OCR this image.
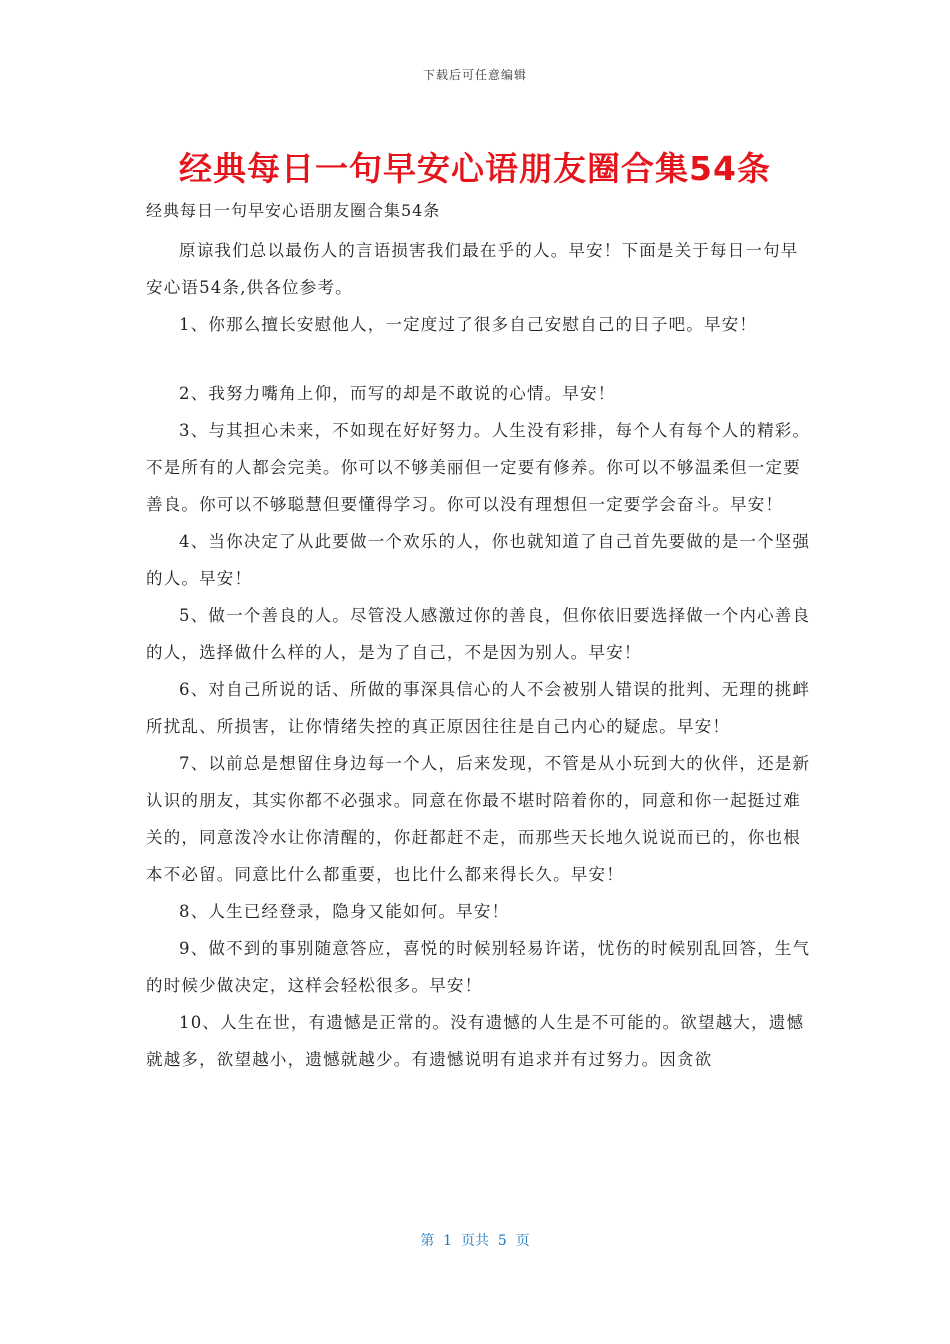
下载后可任意编辑
经典每日一句早安心语朋友圈合集54条

经典每日一句早安心语朋友圈合集54条

原谅我们总以最伤人的言语损害我们最在乎的人。早安！下面是关于每日一句早安心语54条,供各位参考。

1、你那么擅长安慰他人，一定度过了很多自己安慰自己的日子吧。早安！

2、我努力嘴角上仰，而写的却是不敢说的心情。早安！

3、与其担心未来，不如现在好好努力。人生没有彩排，每个人有每个人的精彩。不是所有的人都会完美。你可以不够美丽但一定要有修养。你可以不够温柔但一定要善良。你可以不够聪慧但要懂得学习。你可以没有理想但一定要学会奋斗。早安！

4、当你决定了从此要做一个欢乐的人，你也就知道了自己首先要做的是一个坚强的人。早安！

5、做一个善良的人。尽管没人感激过你的善良，但你依旧要选择做一个内心善良的人，选择做什么样的人，是为了自己，不是因为别人。早安！

6、对自己所说的话、所做的事深具信心的人不会被别人错误的批判、无理的挑衅所扰乱、所损害，让你情绪失控的真正原因往往是自己内心的疑虑。早安！

7、以前总是想留住身边每一个人，后来发现，不管是从小玩到大的伙伴，还是新认识的朋友，其实你都不必强求。同意在你最不堪时陪着你的，同意和你一起挺过难关的，同意泼冷水让你清醒的，你赶都赶不走，而那些天长地久说说而已的，你也根本不必留。同意比什么都重要，也比什么都来得长久。早安！

8、人生已经登录，隐身又能如何。早安！

9、做不到的事别随意答应，喜悦的时候别轻易许诺，忧伤的时候别乱回答，生气的时候少做决定，这样会轻松很多。早安！

10、人生在世，有遗憾是正常的。没有遗憾的人生是不可能的。欲望越大，遗憾就越多，欲望越小，遗憾就越少。有遗憾说明有追求并有过努力。因贪欲

第  1  页共  5  页
